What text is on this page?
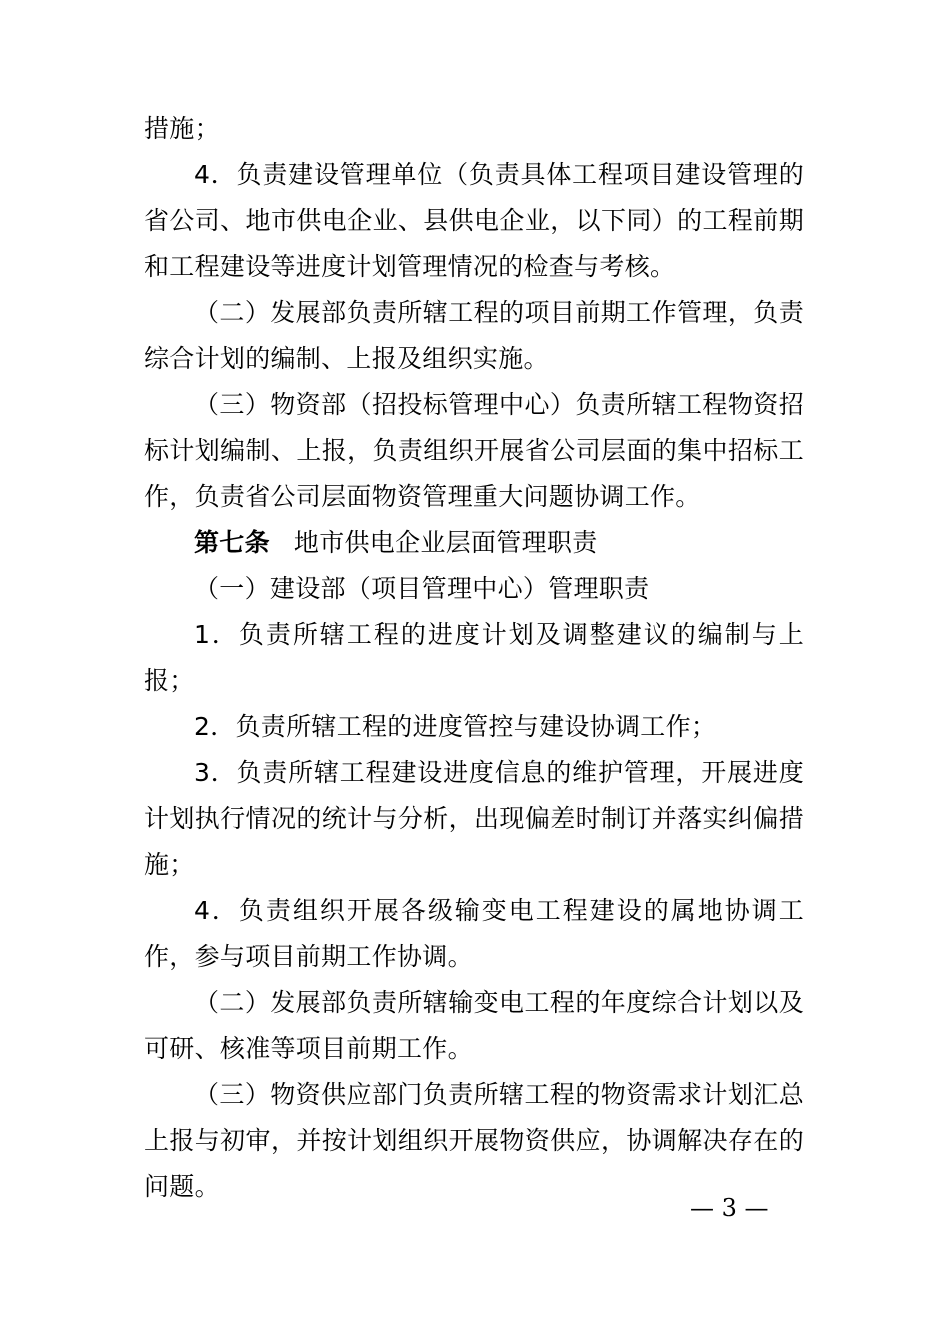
措施；

4．负责建设管理单位（负责具体工程项目建设管理的省公司、地市供电企业、县供电企业，以下同）的工程前期和工程建设等进度计划管理情况的检查与考核。

（二）发展部负责所辖工程的项目前期工作管理，负责综合计划的编制、上报及组织实施。

（三）物资部（招投标管理中心）负责所辖工程物资招标计划编制、上报，负责组织开展省公司层面的集中招标工作，负责省公司层面物资管理重大问题协调工作。

第七条 地市供电企业层面管理职责

（一）建设部（项目管理中心）管理职责

1．负责所辖工程的进度计划及调整建议的编制与上报；

2．负责所辖工程的进度管控与建设协调工作；

3．负责所辖工程建设进度信息的维护管理，开展进度计划执行情况的统计与分析，出现偏差时制订并落实纠偏措施；

4．负责组织开展各级输变电工程建设的属地协调工作，参与项目前期工作协调。

（二）发展部负责所辖输变电工程的年度综合计划以及可研、核准等项目前期工作。

（三）物资供应部门负责所辖工程的物资需求计划汇总上报与初审，并按计划组织开展物资供应，协调解决存在的问题。

— 3 —
